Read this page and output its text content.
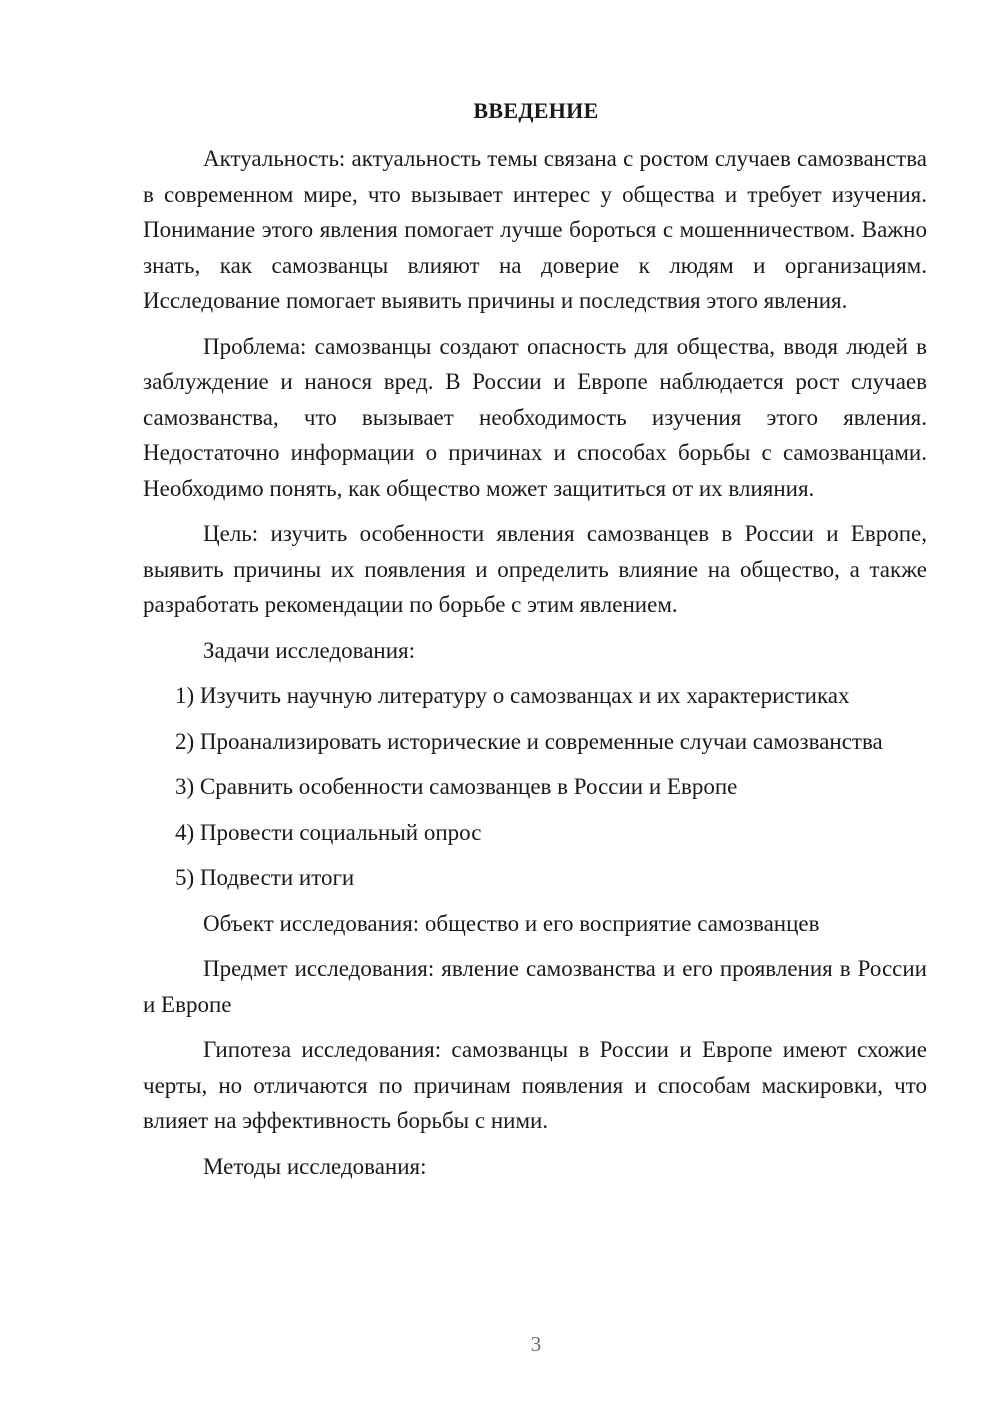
ВВЕДЕНИЕ

Актуальность: актуальность темы связана с ростом случаев самозванства в современном мире, что вызывает интерес у общества и требует изучения. Понимание этого явления помогает лучше бороться с мошенничеством. Важно знать, как самозванцы влияют на доверие к людям и организациям. Исследование помогает выявить причины и последствия этого явления.

Проблема: самозванцы создают опасность для общества, вводя людей в заблуждение и нанося вред. В России и Европе наблюдается рост случаев самозванства, что вызывает необходимость изучения этого явления. Недостаточно информации о причинах и способах борьбы с самозванцами. Необходимо понять, как общество может защититься от их влияния.

Цель: изучить особенности явления самозванцев в России и Европе, выявить причины их появления и определить влияние на общество, а также разработать рекомендации по борьбе с этим явлением.

Задачи исследования:

1) Изучить научную литературу о самозванцах и их характеристиках

2) Проанализировать исторические и современные случаи самозванства

3) Сравнить особенности самозванцев в России и Европе

4) Провести социальный опрос

5) Подвести итоги

Объект исследования: общество и его восприятие самозванцев

Предмет исследования: явление самозванства и его проявления в России и Европе

Гипотеза исследования: самозванцы в России и Европе имеют схожие черты, но отличаются по причинам появления и способам маскировки, что влияет на эффективность борьбы с ними.

Методы исследования:

3
